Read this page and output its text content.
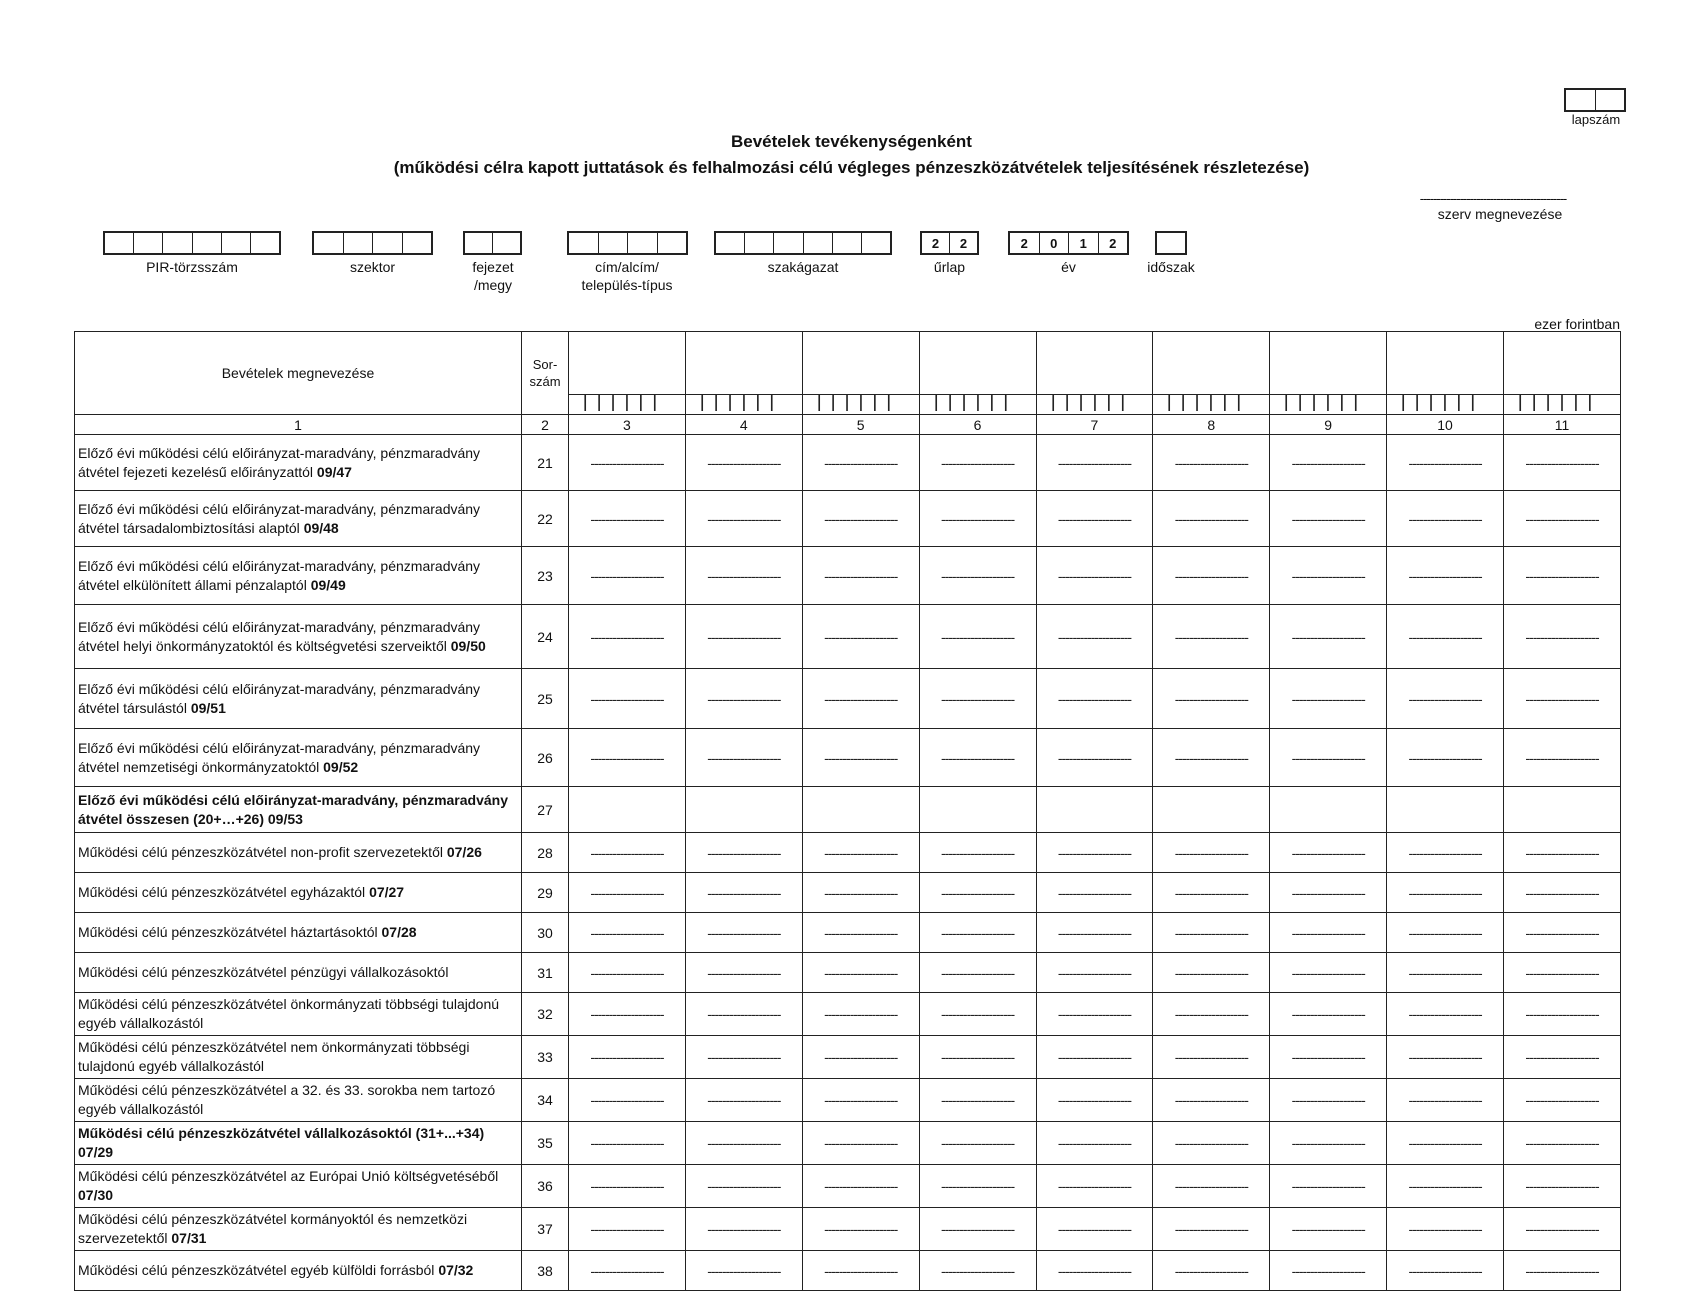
lapszám
Bevételek tevékenységenként
(működési célra kapott juttatások és felhalmozási célú végleges pénzeszközátvételek teljesítésének részletezése)
--------------------------------------------
szerv megnevezése
PIR-törzsszám	szektor	fejezet
/megy
cím/alcím/
település-típus
szakágazat
2	2
űrlap
2	0	1	2
év	időszak
ezer forintban
Bevételek megnevezése	Sor-
szám									

1	2	3	4	5	6	7	8	9	10	11
Előző évi működési célú előirányzat-maradvány, pénzmaradvány átvétel fejezeti kezelésű előirányzattól 09/47	21	--------------------	--------------------	--------------------	--------------------	--------------------	--------------------	--------------------	--------------------	--------------------
Előző évi működési célú előirányzat-maradvány, pénzmaradvány átvétel társadalombiztosítási alaptól 09/48	22	--------------------	--------------------	--------------------	--------------------	--------------------	--------------------	--------------------	--------------------	--------------------
Előző évi működési célú előirányzat-maradvány, pénzmaradvány átvétel elkülönített állami pénzalaptól 09/49	23	--------------------	--------------------	--------------------	--------------------	--------------------	--------------------	--------------------	--------------------	--------------------
Előző évi működési célú előirányzat-maradvány, pénzmaradvány átvétel helyi önkormányzatoktól és költségvetési szerveiktől 09/50	24	--------------------	--------------------	--------------------	--------------------	--------------------	--------------------	--------------------	--------------------	--------------------
Előző évi működési célú előirányzat-maradvány, pénzmaradvány átvétel társulástól 09/51	25	--------------------	--------------------	--------------------	--------------------	--------------------	--------------------	--------------------	--------------------	--------------------
Előző évi működési célú előirányzat-maradvány, pénzmaradvány átvétel nemzetiségi önkormányzatoktól 09/52	26	--------------------	--------------------	--------------------	--------------------	--------------------	--------------------	--------------------	--------------------	--------------------
Előző évi működési célú előirányzat-maradvány, pénzmaradvány átvétel összesen (20+…+26) 09/53	27									
Működési célú pénzeszközátvétel non-profit szervezetektől 07/26	28	--------------------	--------------------	--------------------	--------------------	--------------------	--------------------	--------------------	--------------------	--------------------
Működési célú pénzeszközátvétel egyházaktól 07/27	29	--------------------	--------------------	--------------------	--------------------	--------------------	--------------------	--------------------	--------------------	--------------------
Működési célú pénzeszközátvétel háztartásoktól 07/28	30	--------------------	--------------------	--------------------	--------------------	--------------------	--------------------	--------------------	--------------------	--------------------
Működési célú pénzeszközátvétel pénzügyi vállalkozásoktól	31	--------------------	--------------------	--------------------	--------------------	--------------------	--------------------	--------------------	--------------------	--------------------
Működési célú pénzeszközátvétel önkormányzati többségi tulajdonú egyéb vállalkozástól	32	--------------------	--------------------	--------------------	--------------------	--------------------	--------------------	--------------------	--------------------	--------------------
Működési célú pénzeszközátvétel nem önkormányzati többségi tulajdonú egyéb vállalkozástól	33	--------------------	--------------------	--------------------	--------------------	--------------------	--------------------	--------------------	--------------------	--------------------
Működési célú pénzeszközátvétel a 32. és 33. sorokba nem tartozó egyéb vállalkozástól	34	--------------------	--------------------	--------------------	--------------------	--------------------	--------------------	--------------------	--------------------	--------------------
Működési célú pénzeszközátvétel vállalkozásoktól (31+...+34) 07/29	35	--------------------	--------------------	--------------------	--------------------	--------------------	--------------------	--------------------	--------------------	--------------------
Működési célú pénzeszközátvétel az Európai Unió költségvetéséből 07/30	36	--------------------	--------------------	--------------------	--------------------	--------------------	--------------------	--------------------	--------------------	--------------------
Működési célú pénzeszközátvétel kormányoktól és nemzetközi szervezetektől 07/31	37	--------------------	--------------------	--------------------	--------------------	--------------------	--------------------	--------------------	--------------------	--------------------
Működési célú pénzeszközátvétel egyéb külföldi forrásból 07/32	38	--------------------	--------------------	--------------------	--------------------	--------------------	--------------------	--------------------	--------------------	--------------------
